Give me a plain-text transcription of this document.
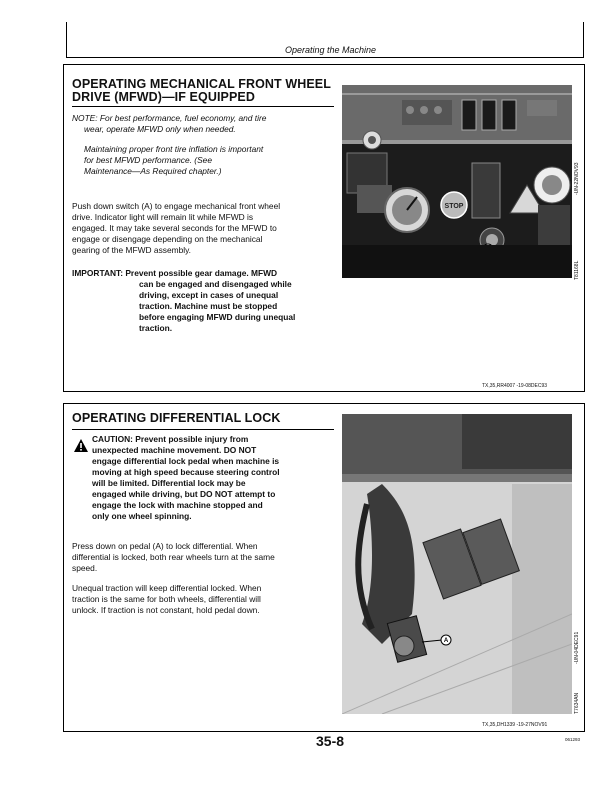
Operating the Machine
OPERATING MECHANICAL FRONT WHEEL
DRIVE (MFWD)—IF EQUIPPED
NOTE: For best performance, fuel economy, and tire
wear, operate MFWD only when needed.
Maintaining proper front tire inflation is important
for best MFWD performance. (See
Maintenance—As Required chapter.)
Push down switch (A) to engage mechanical front wheel
drive. Indicator light will remain lit while MFWD is
engaged. It may take several seconds for the MFWD to
engage or disengage depending on the mechanical
gearing of the MFWD assembly.
IMPORTANT: Prevent possible gear damage. MFWD
can be engaged and disengaged while
driving, except in cases of unequal
traction. Machine must be stopped
before engaging MFWD during unequal
traction.
STOP
-UN-22NOV93
T81168L
TX,35,RR4007 -19-08DEC93
OPERATING DIFFERENTIAL LOCK
CAUTION: Prevent possible injury from
unexpected machine movement. DO NOT
engage differential lock pedal when machine is
moving at high speed because steering control
will be limited. Differential lock may be
engaged while driving, but DO NOT attempt to
engage the lock with machine stopped and
only one wheel spinning.
Press down on pedal (A) to lock differential. When
differential is locked, both rear wheels turn at the same
speed.
Unequal traction will keep differential locked. When
traction is the same for both wheels, differential will
unlock. If traction is not constant, hold pedal down.
A	-UN-04DEC91
T7634AN
TX,35,DH1339 -19-27NOV91
35-8	061293
